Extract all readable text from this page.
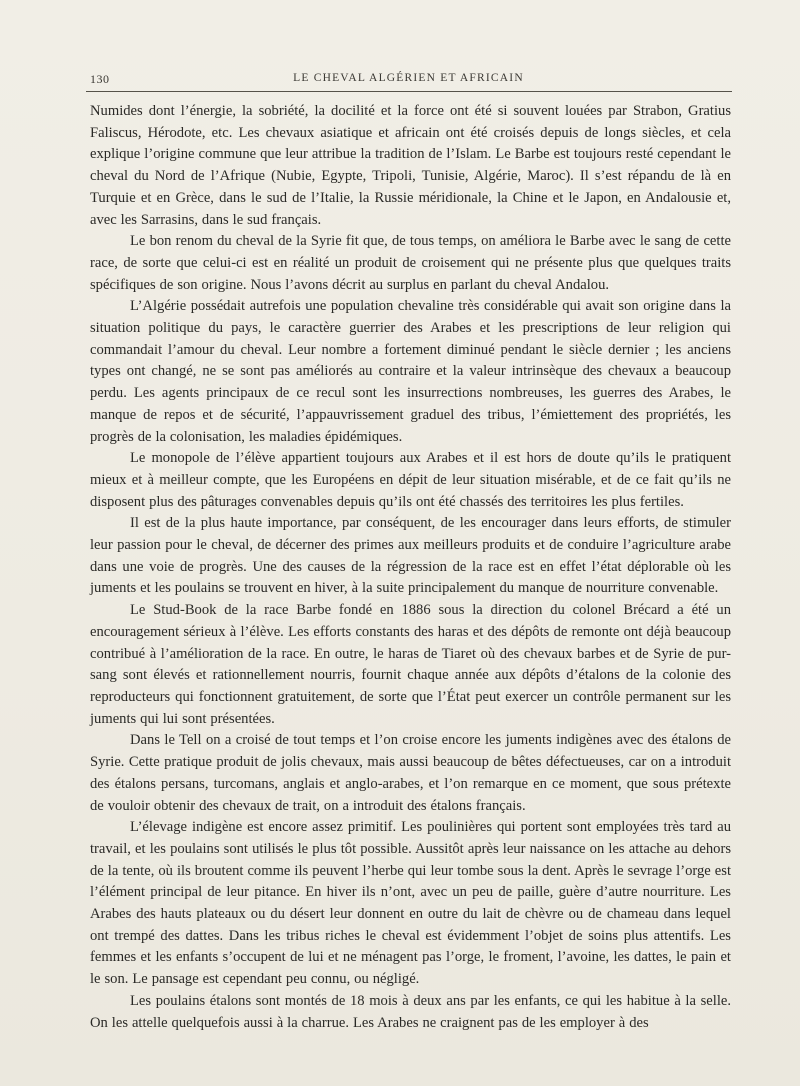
130	LE CHEVAL ALGÉRIEN ET AFRICAIN

Numides dont l’énergie, la sobriété, la docilité et la force ont été si souvent louées par Strabon, Gratius Faliscus, Hérodote, etc. Les chevaux asiatique et africain ont été croisés depuis de longs siècles, et cela explique l’origine commune que leur attribue la tradition de l’Islam. Le Barbe est toujours resté cependant le cheval du Nord de l’Afrique (Nubie, Egypte, Tripoli, Tunisie, Algérie, Maroc). Il s’est répandu de là en Turquie et en Grèce, dans le sud de l’Italie, la Russie méridionale, la Chine et le Japon, en Andalousie et, avec les Sarrasins, dans le sud français.

Le bon renom du cheval de la Syrie fit que, de tous temps, on améliora le Barbe avec le sang de cette race, de sorte que celui-ci est en réalité un produit de croisement qui ne présente plus que quelques traits spécifiques de son origine. Nous l’avons décrit au surplus en parlant du cheval Andalou.

L’Algérie possédait autrefois une population chevaline très considérable qui avait son origine dans la situation politique du pays, le caractère guerrier des Arabes et les prescriptions de leur religion qui commandait l’amour du cheval. Leur nombre a fortement diminué pendant le siècle dernier ; les anciens types ont changé, ne se sont pas améliorés au contraire et la valeur intrinsèque des chevaux a beaucoup perdu. Les agents principaux de ce recul sont les insurrections nombreuses, les guerres des Arabes, le manque de repos et de sécurité, l’appauvrissement graduel des tribus, l’émiettement des propriétés, les progrès de la colonisation, les maladies épidémiques.

Le monopole de l’élève appartient toujours aux Arabes et il est hors de doute qu’ils le pratiquent mieux et à meilleur compte, que les Européens en dépit de leur situation misérable, et de ce fait qu’ils ne disposent plus des pâturages convenables depuis qu’ils ont été chassés des territoires les plus fertiles.

Il est de la plus haute importance, par conséquent, de les encourager dans leurs efforts, de stimuler leur passion pour le cheval, de décerner des primes aux meilleurs produits et de conduire l’agriculture arabe dans une voie de progrès. Une des causes de la régression de la race est en effet l’état déplorable où les juments et les poulains se trouvent en hiver, à la suite principalement du manque de nourriture convenable.

Le Stud-Book de la race Barbe fondé en 1886 sous la direction du colonel Brécard a été un encouragement sérieux à l’élève. Les efforts constants des haras et des dépôts de remonte ont déjà beaucoup contribué à l’amélioration de la race. En outre, le haras de Tiaret où des chevaux barbes et de Syrie de pur-sang sont élevés et rationnellement nourris, fournit chaque année aux dépôts d’étalons de la colonie des reproducteurs qui fonctionnent gratuitement, de sorte que l’État peut exercer un contrôle permanent sur les juments qui lui sont présentées.

Dans le Tell on a croisé de tout temps et l’on croise encore les juments indigènes avec des étalons de Syrie. Cette pratique produit de jolis chevaux, mais aussi beaucoup de bêtes défectueuses, car on a introduit des étalons persans, turcomans, anglais et anglo-arabes, et l’on remarque en ce moment, que sous prétexte de vouloir obtenir des chevaux de trait, on a introduit des étalons français.

L’élevage indigène est encore assez primitif. Les poulinières qui portent sont employées très tard au travail, et les poulains sont utilisés le plus tôt possible. Aussitôt après leur naissance on les attache au dehors de la tente, où ils broutent comme ils peuvent l’herbe qui leur tombe sous la dent. Après le sevrage l’orge est l’élément principal de leur pitance. En hiver ils n’ont, avec un peu de paille, guère d’autre nourriture. Les Arabes des hauts plateaux ou du désert leur donnent en outre du lait de chèvre ou de chameau dans lequel ont trempé des dattes. Dans les tribus riches le cheval est évidemment l’objet de soins plus attentifs. Les femmes et les enfants s’occupent de lui et ne ménagent pas l’orge, le froment, l’avoine, les dattes, le pain et le son. Le pansage est cependant peu connu, ou négligé.

Les poulains étalons sont montés de 18 mois à deux ans par les enfants, ce qui les habitue à la selle. On les attelle quelquefois aussi à la charrue. Les Arabes ne craignent pas de les employer à des
